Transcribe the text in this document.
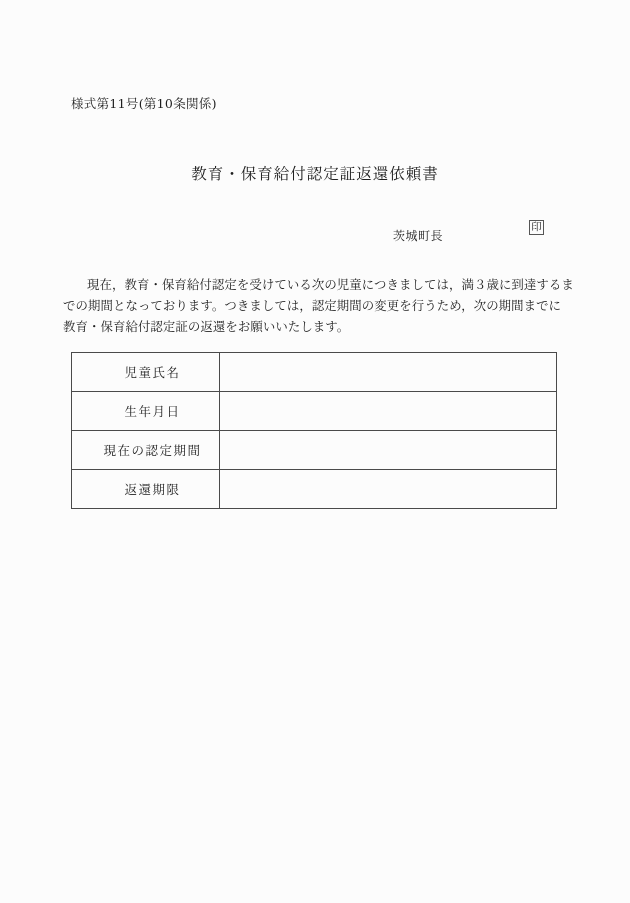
様式第11号(第10条関係)
教育・保育給付認定証返還依頼書
茨城町長
印
現在，教育・保育給付認定を受けている次の児童につきましては，満３歳に到達するま
での期間となっております。つきましては，認定期間の変更を行うため，次の期間までに
教育・保育給付認定証の返還をお願いいたします。
児童氏名	
生年月日	
現在の認定期間	
返還期限	
